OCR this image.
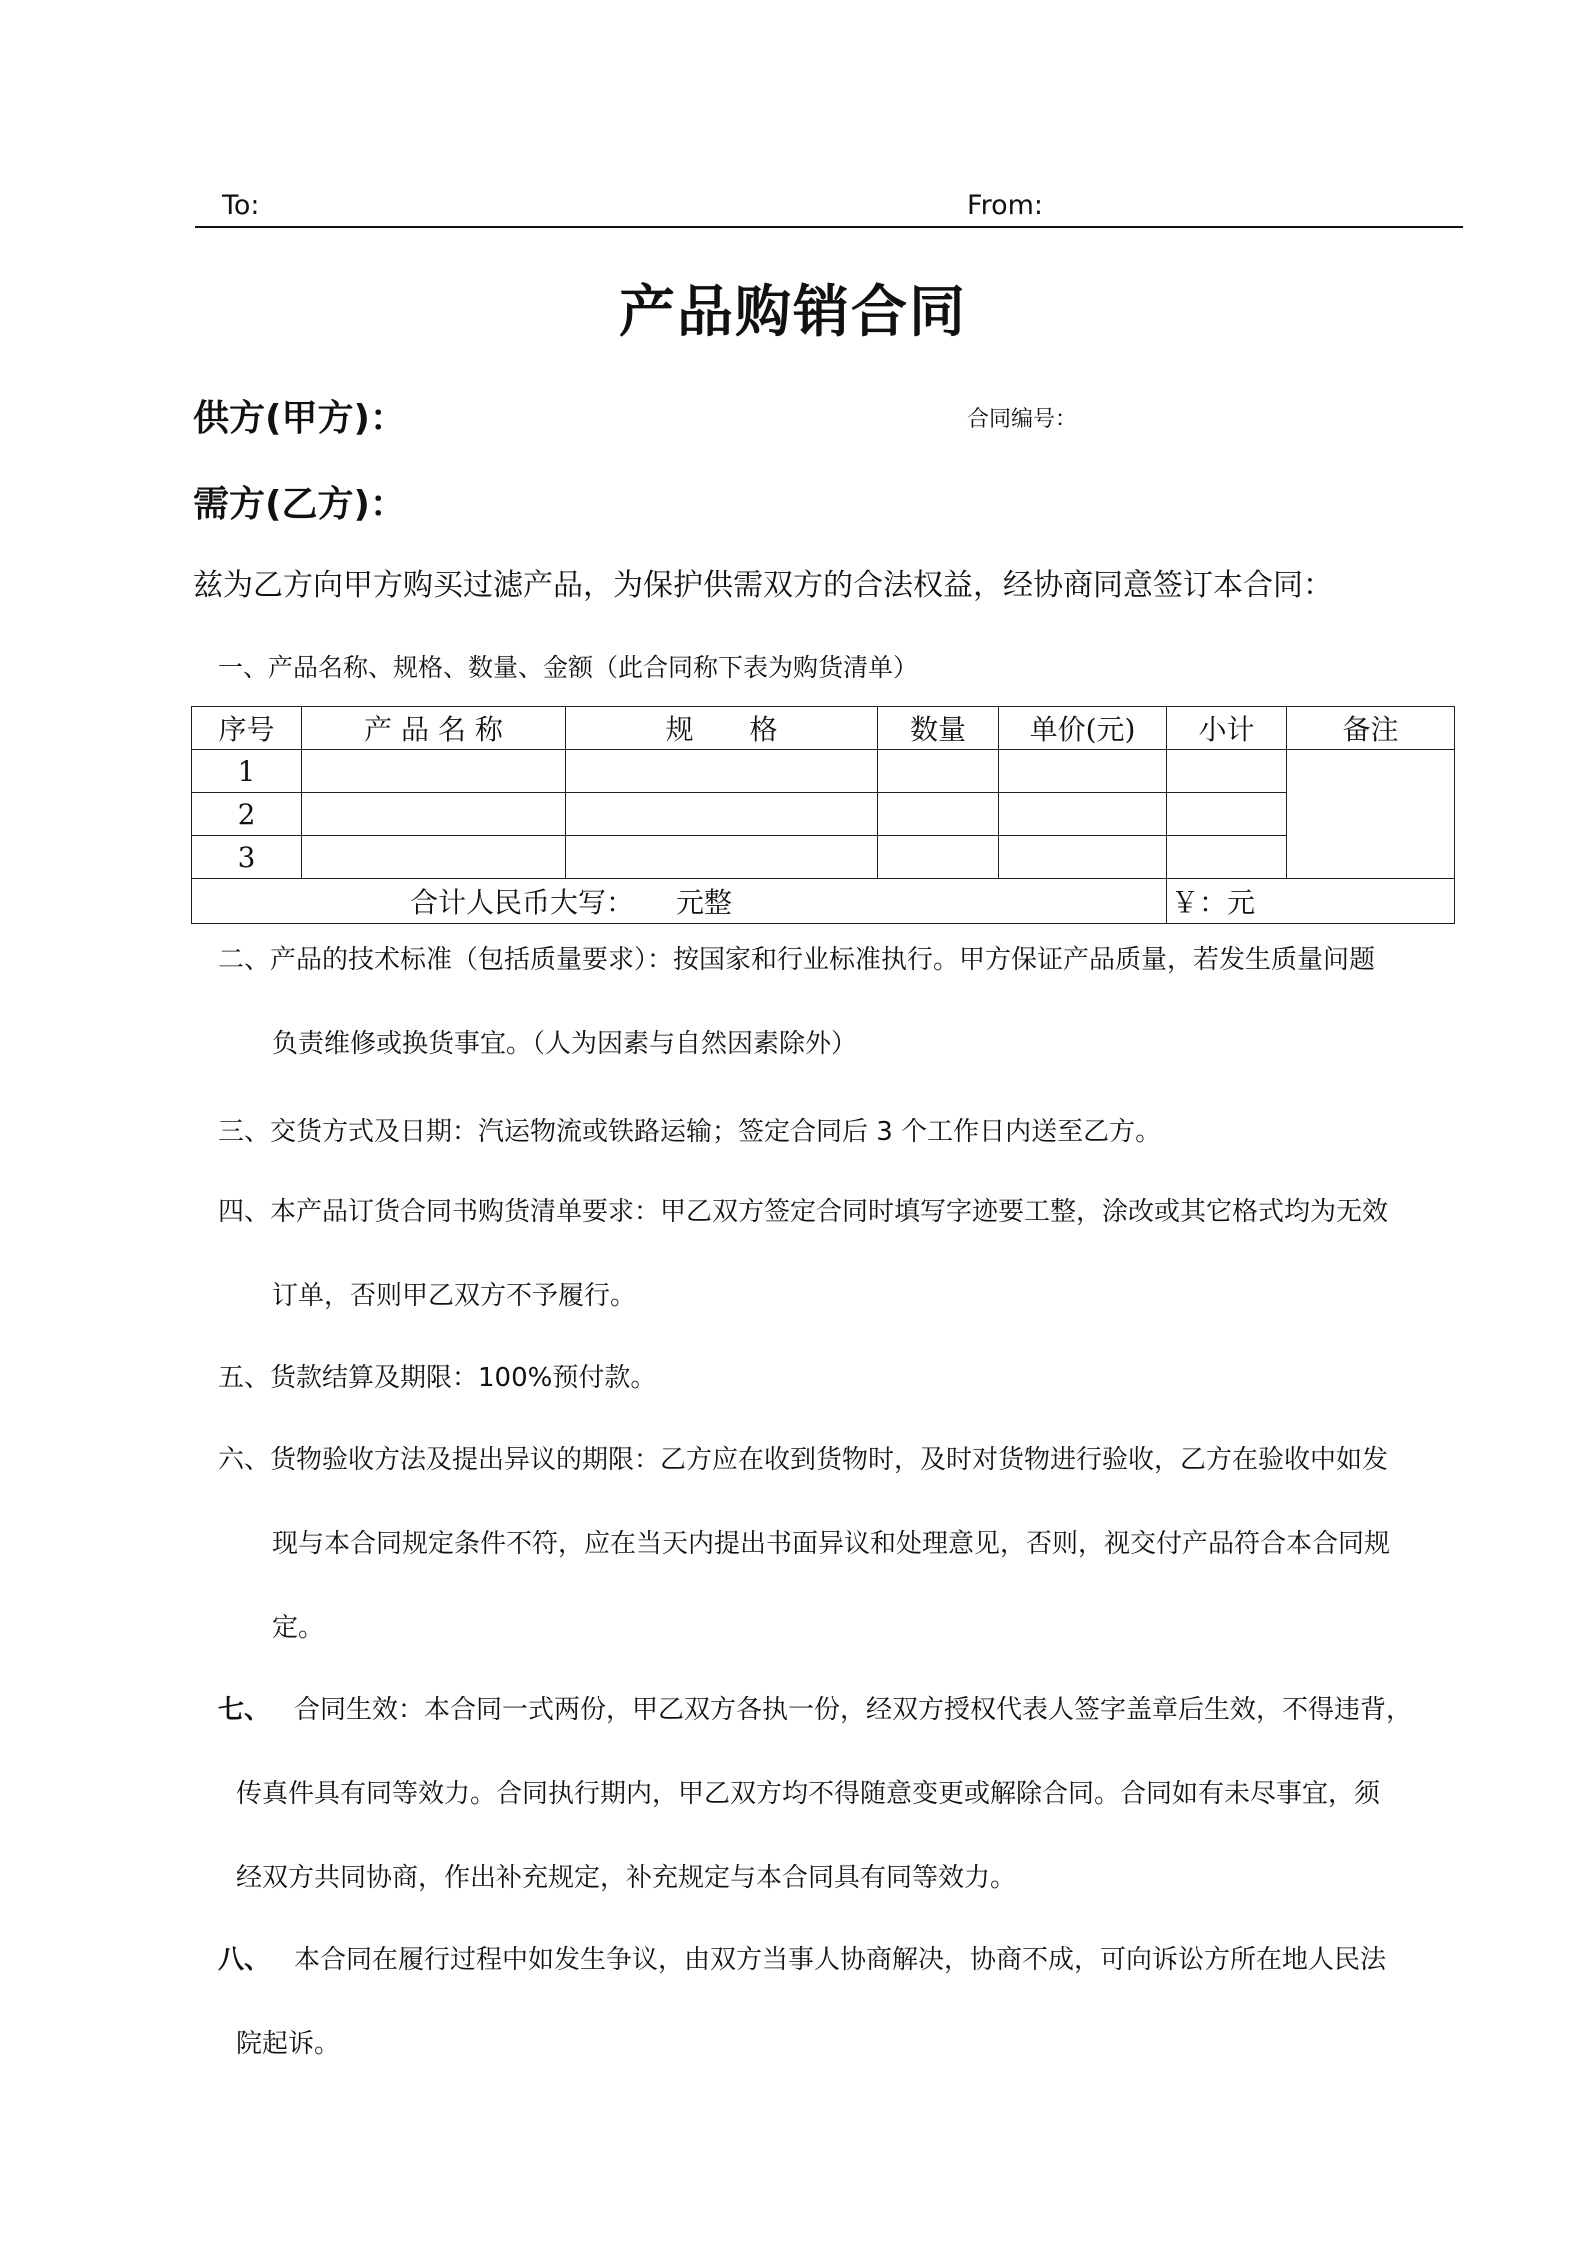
To:	From:
产品购销合同
供方(甲方)：	合同编号：
需方(乙方)：
兹为乙方向甲方购买过滤产品，为保护供需双方的合法权益，经协商同意签订本合同：
一、产品名称、规格、数量、金额（此合同称下表为购货清单）
序号	产 品 名 称	规　　格	数量	单价(元)	小计	备注
1						
2						
3						
合计人民币大写： 元整					￥：元	
二、产品的技术标准（包括质量要求）：按国家和行业标准执行。甲方保证产品质量，若发生质量问题
负责维修或换货事宜。（人为因素与自然因素除外）
三、交货方式及日期：汽运物流或铁路运输；签定合同后 3 个工作日内送至乙方。
四、本产品订货合同书购货清单要求：甲乙双方签定合同时填写字迹要工整，涂改或其它格式均为无效
订单，否则甲乙双方不予履行。
五、货款结算及期限：100%预付款。
六、货物验收方法及提出异议的期限：乙方应在收到货物时，及时对货物进行验收，乙方在验收中如发
现与本合同规定条件不符，应在当天内提出书面异议和处理意见，否则，视交付产品符合本合同规
定。
七、 合同生效：本合同一式两份，甲乙双方各执一份，经双方授权代表人签字盖章后生效，不得违背，
传真件具有同等效力。合同执行期内，甲乙双方均不得随意变更或解除合同。合同如有未尽事宜，须
经双方共同协商，作出补充规定，补充规定与本合同具有同等效力。
八、 本合同在履行过程中如发生争议，由双方当事人协商解决，协商不成，可向诉讼方所在地人民法
院起诉。
